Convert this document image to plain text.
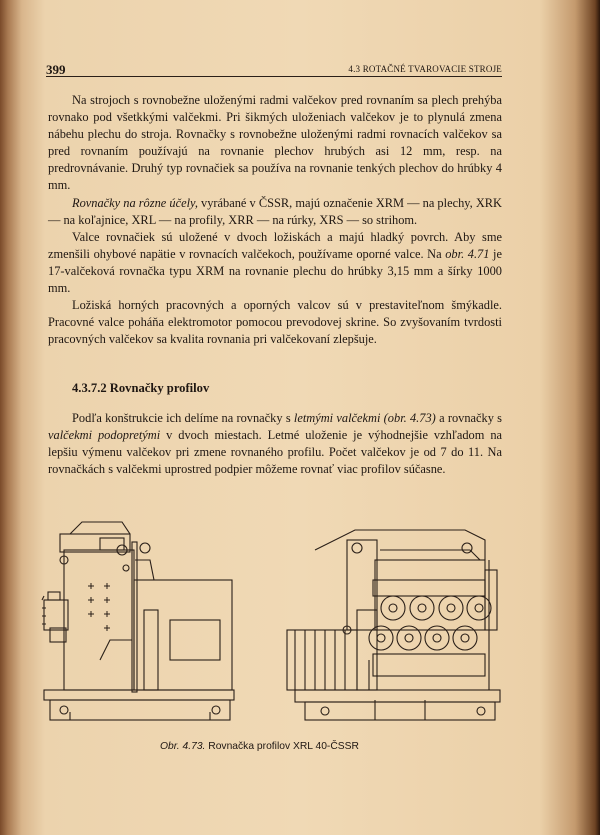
399	4.3 ROTAČNÉ TVAROVACIE STROJE

Na strojoch s rovnobežne uloženými radmi valčekov pred rovnaním sa plech prehýba rovnako pod všetkkými valčekmi. Pri šikmých uloženiach valčekov je to plynulá zmena nábehu plechu do stroja. Rovnačky s rovnobežne uloženými radmi rovnacích valčekov sa pred rovnaním používajú na rovnanie plechov hrubých asi 12 mm, resp. na predrovnávanie. Druhý typ rovnačiek sa používa na rovnanie tenkých plechov do hrúbky 4 mm.

Rovnačky na rôzne účely, vyrábané v ČSSR, majú označenie XRM — na plechy, XRK — na koľajnice, XRL — na profily, XRR — na rúrky, XRS — so strihom.

Valce rovnačiek sú uložené v dvoch ložiskách a majú hladký povrch. Aby sme zmenšili ohybové napätie v rovnacích valčekoch, používame oporné valce. Na obr. 4.71 je 17-valčeková rovnačka typu XRM na rovnanie plechu do hrúbky 3,15 mm a šírky 1000 mm.

Ložiská horných pracovných a oporných valcov sú v prestaviteľnom šmýkadle. Pracovné valce poháňa elektromotor pomocou prevodovej skrine. So zvyšovaním tvrdosti pracovných valčekov sa kvalita rovnania pri valčekovaní zlepšuje.

4.3.7.2 Rovnačky profilov

Podľa konštrukcie ich delíme na rovnačky s letmými valčekmi (obr. 4.73) a rovnačky s valčekmi podopretými v dvoch miestach. Letmé uloženie je výhodnejšie vzhľadom na lepšiu výmenu valčekov pri zmene rovnaného profilu. Počet valčekov je od 7 do 11. Na rovnačkách s valčekmi uprostred podpier môžeme rovnať viac profilov súčasne.

Obr. 4.73. Rovnačka profilov XRL 40-ČSSR
